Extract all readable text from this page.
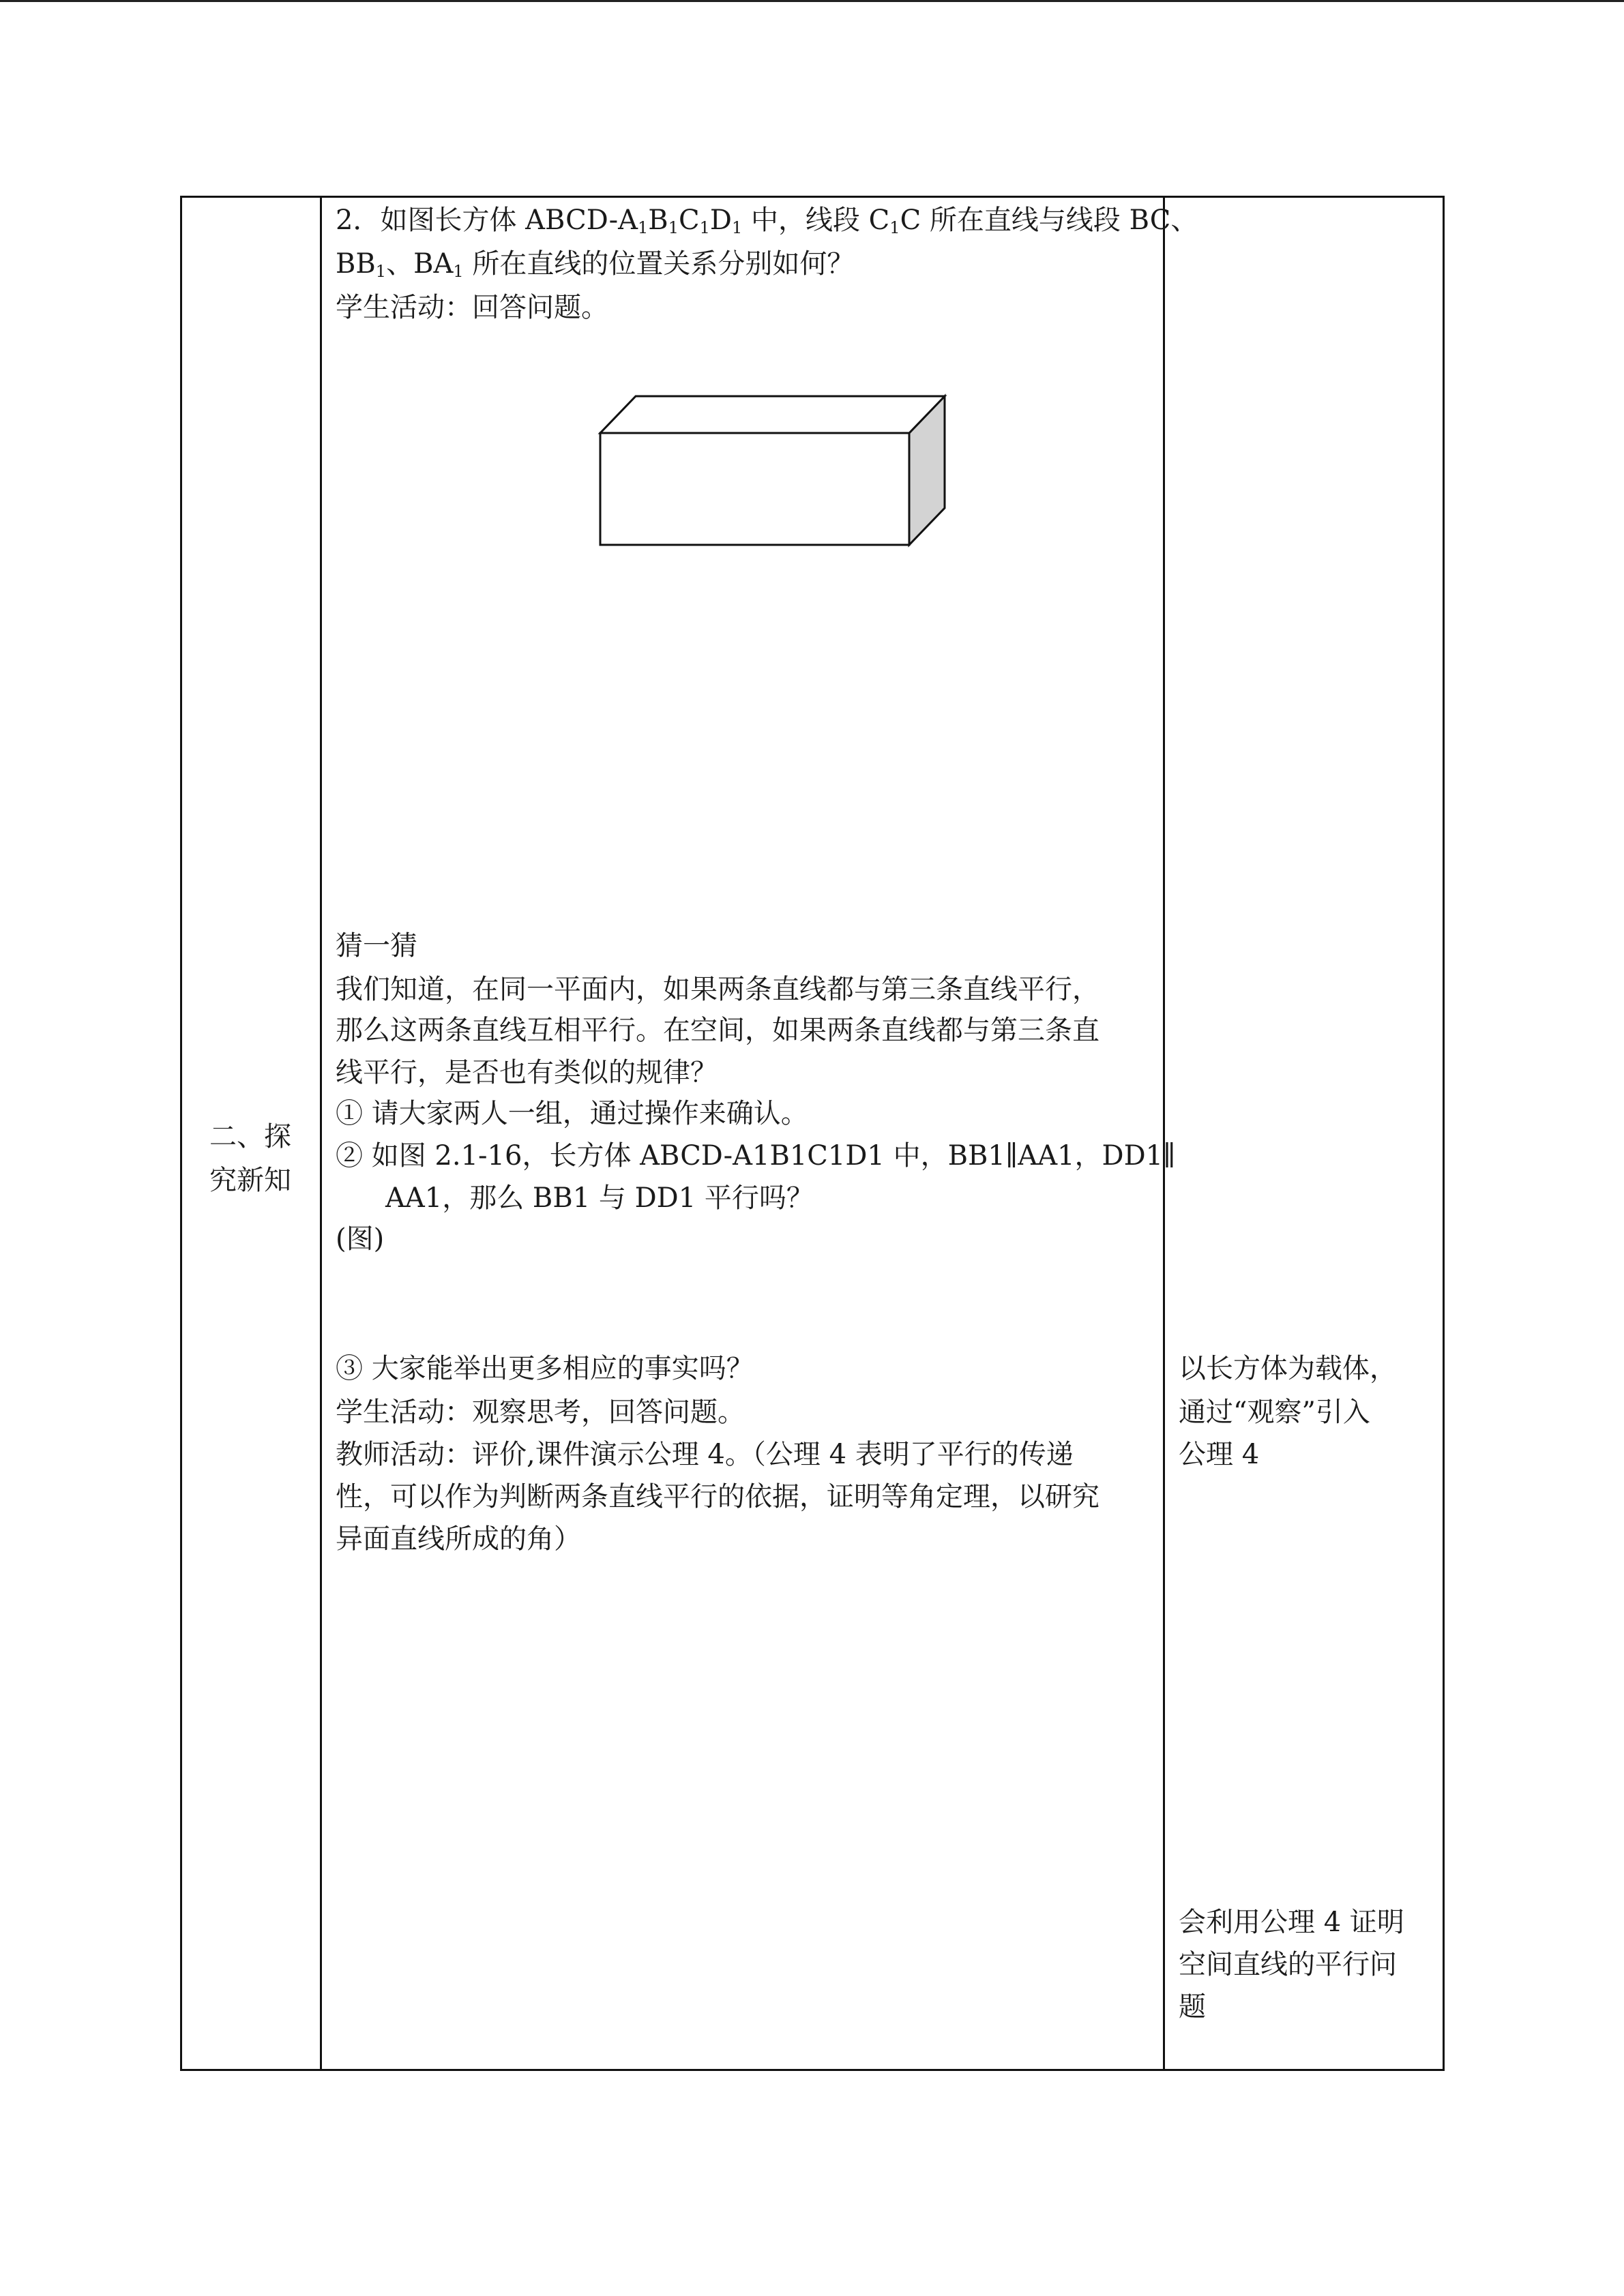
二、探
究新知
2．如图长方体 ABCD-$A_1B_1C_1D_1$ 中，线段 $C_1C$ 所在直线与线段 BC、
$BB_1$、$BA_1$ 所在直线的位置关系分别如何？
学生活动：回答问题。
猜一猜
我们知道，在同一平面内，如果两条直线都与第三条直线平行，
那么这两条直线互相平行。在空间，如果两条直线都与第三条直
线平行，是否也有类似的规律？
① 请大家两人一组，通过操作来确认。
② 如图 2.1-16，长方体 ABCD-A1B1C1D1 中，BB1∥AA1，DD1∥
AA1，那么 BB1 与 DD1 平行吗？
(图)
③ 大家能举出更多相应的事实吗？
学生活动：观察思考，回答问题。
教师活动：评价,课件演示公理 4。（公理 4 表明了平行的传递
性，可以作为判断两条直线平行的依据，证明等角定理，以研究
异面直线所成的角）
以长方体为载体，
通过“观察”引入
公理 4
会利用公理 4 证明
空间直线的平行问
题
